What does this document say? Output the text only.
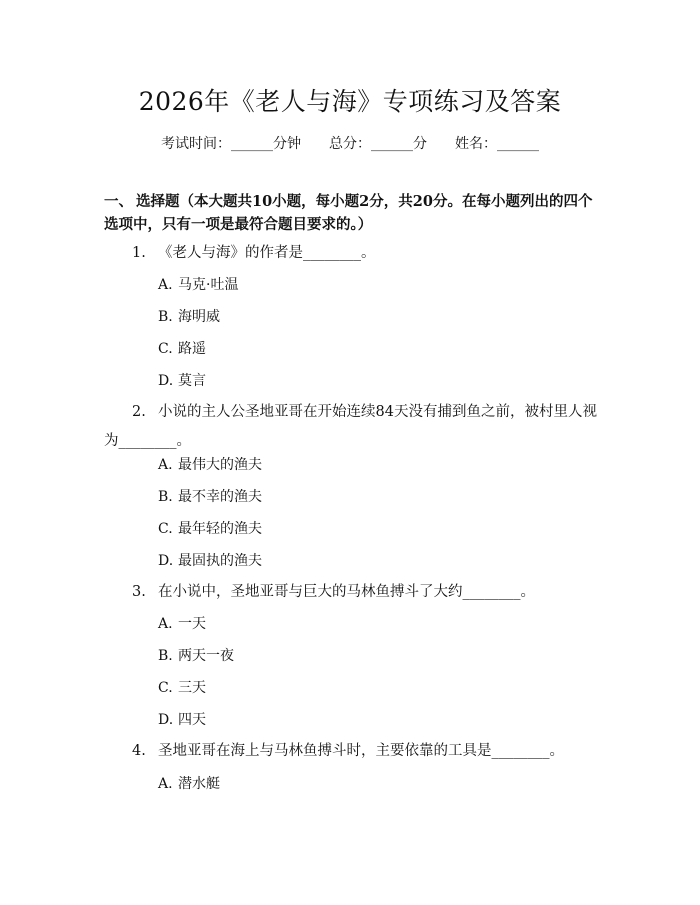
2026年《老人与海》专项练习及答案
考试时间：______分钟 总分：______分 姓名：______
一、 选择题（本大题共10小题，每小题2分，共20分。在每小题列出的四个选项中，只有一项是最符合题目要求的。）
1. 《老人与海》的作者是________。
A. 马克·吐温
B. 海明威
C. 路遥
D. 莫言
2. 小说的主人公圣地亚哥在开始连续84天没有捕到鱼之前，被村里人视为________。
A. 最伟大的渔夫
B. 最不幸的渔夫
C. 最年轻的渔夫
D. 最固执的渔夫
3. 在小说中，圣地亚哥与巨大的马林鱼搏斗了大约________。
A. 一天
B. 两天一夜
C. 三天
D. 四天
4. 圣地亚哥在海上与马林鱼搏斗时，主要依靠的工具是________。
A. 潜水艇
